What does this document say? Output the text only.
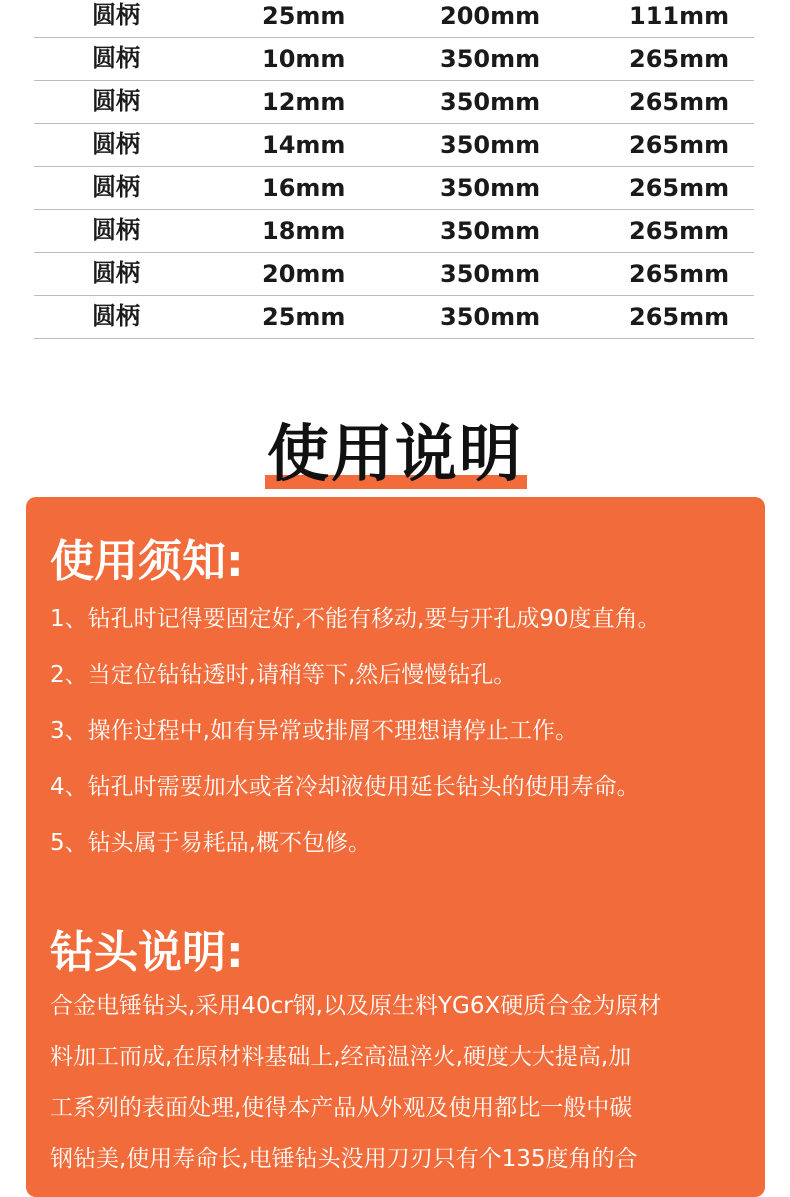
圆柄	25mm	200mm	111mm
圆柄	10mm	350mm	265mm
圆柄	12mm	350mm	265mm
圆柄	14mm	350mm	265mm
圆柄	16mm	350mm	265mm
圆柄	18mm	350mm	265mm
圆柄	20mm	350mm	265mm
圆柄	25mm	350mm	265mm
使用说明
使用须知:
1、钻孔时记得要固定好,不能有移动,要与开孔成90度直角。
2、当定位钻钻透时,请稍等下,然后慢慢钻孔。
3、操作过程中,如有异常或排屑不理想请停止工作。
4、钻孔时需要加水或者冷却液使用延长钻头的使用寿命。
5、钻头属于易耗品,概不包修。
钻头说明:
合金电锤钻头,采用40cr钢,以及原生料YG6X硬质合金为原材
料加工而成,在原材料基础上,经高温淬火,硬度大大提高,加
工系列的表面处理,使得本产品从外观及使用都比一般中碳
钢钻美,使用寿命长,电锤钻头没用刀刃只有个135度角的合
